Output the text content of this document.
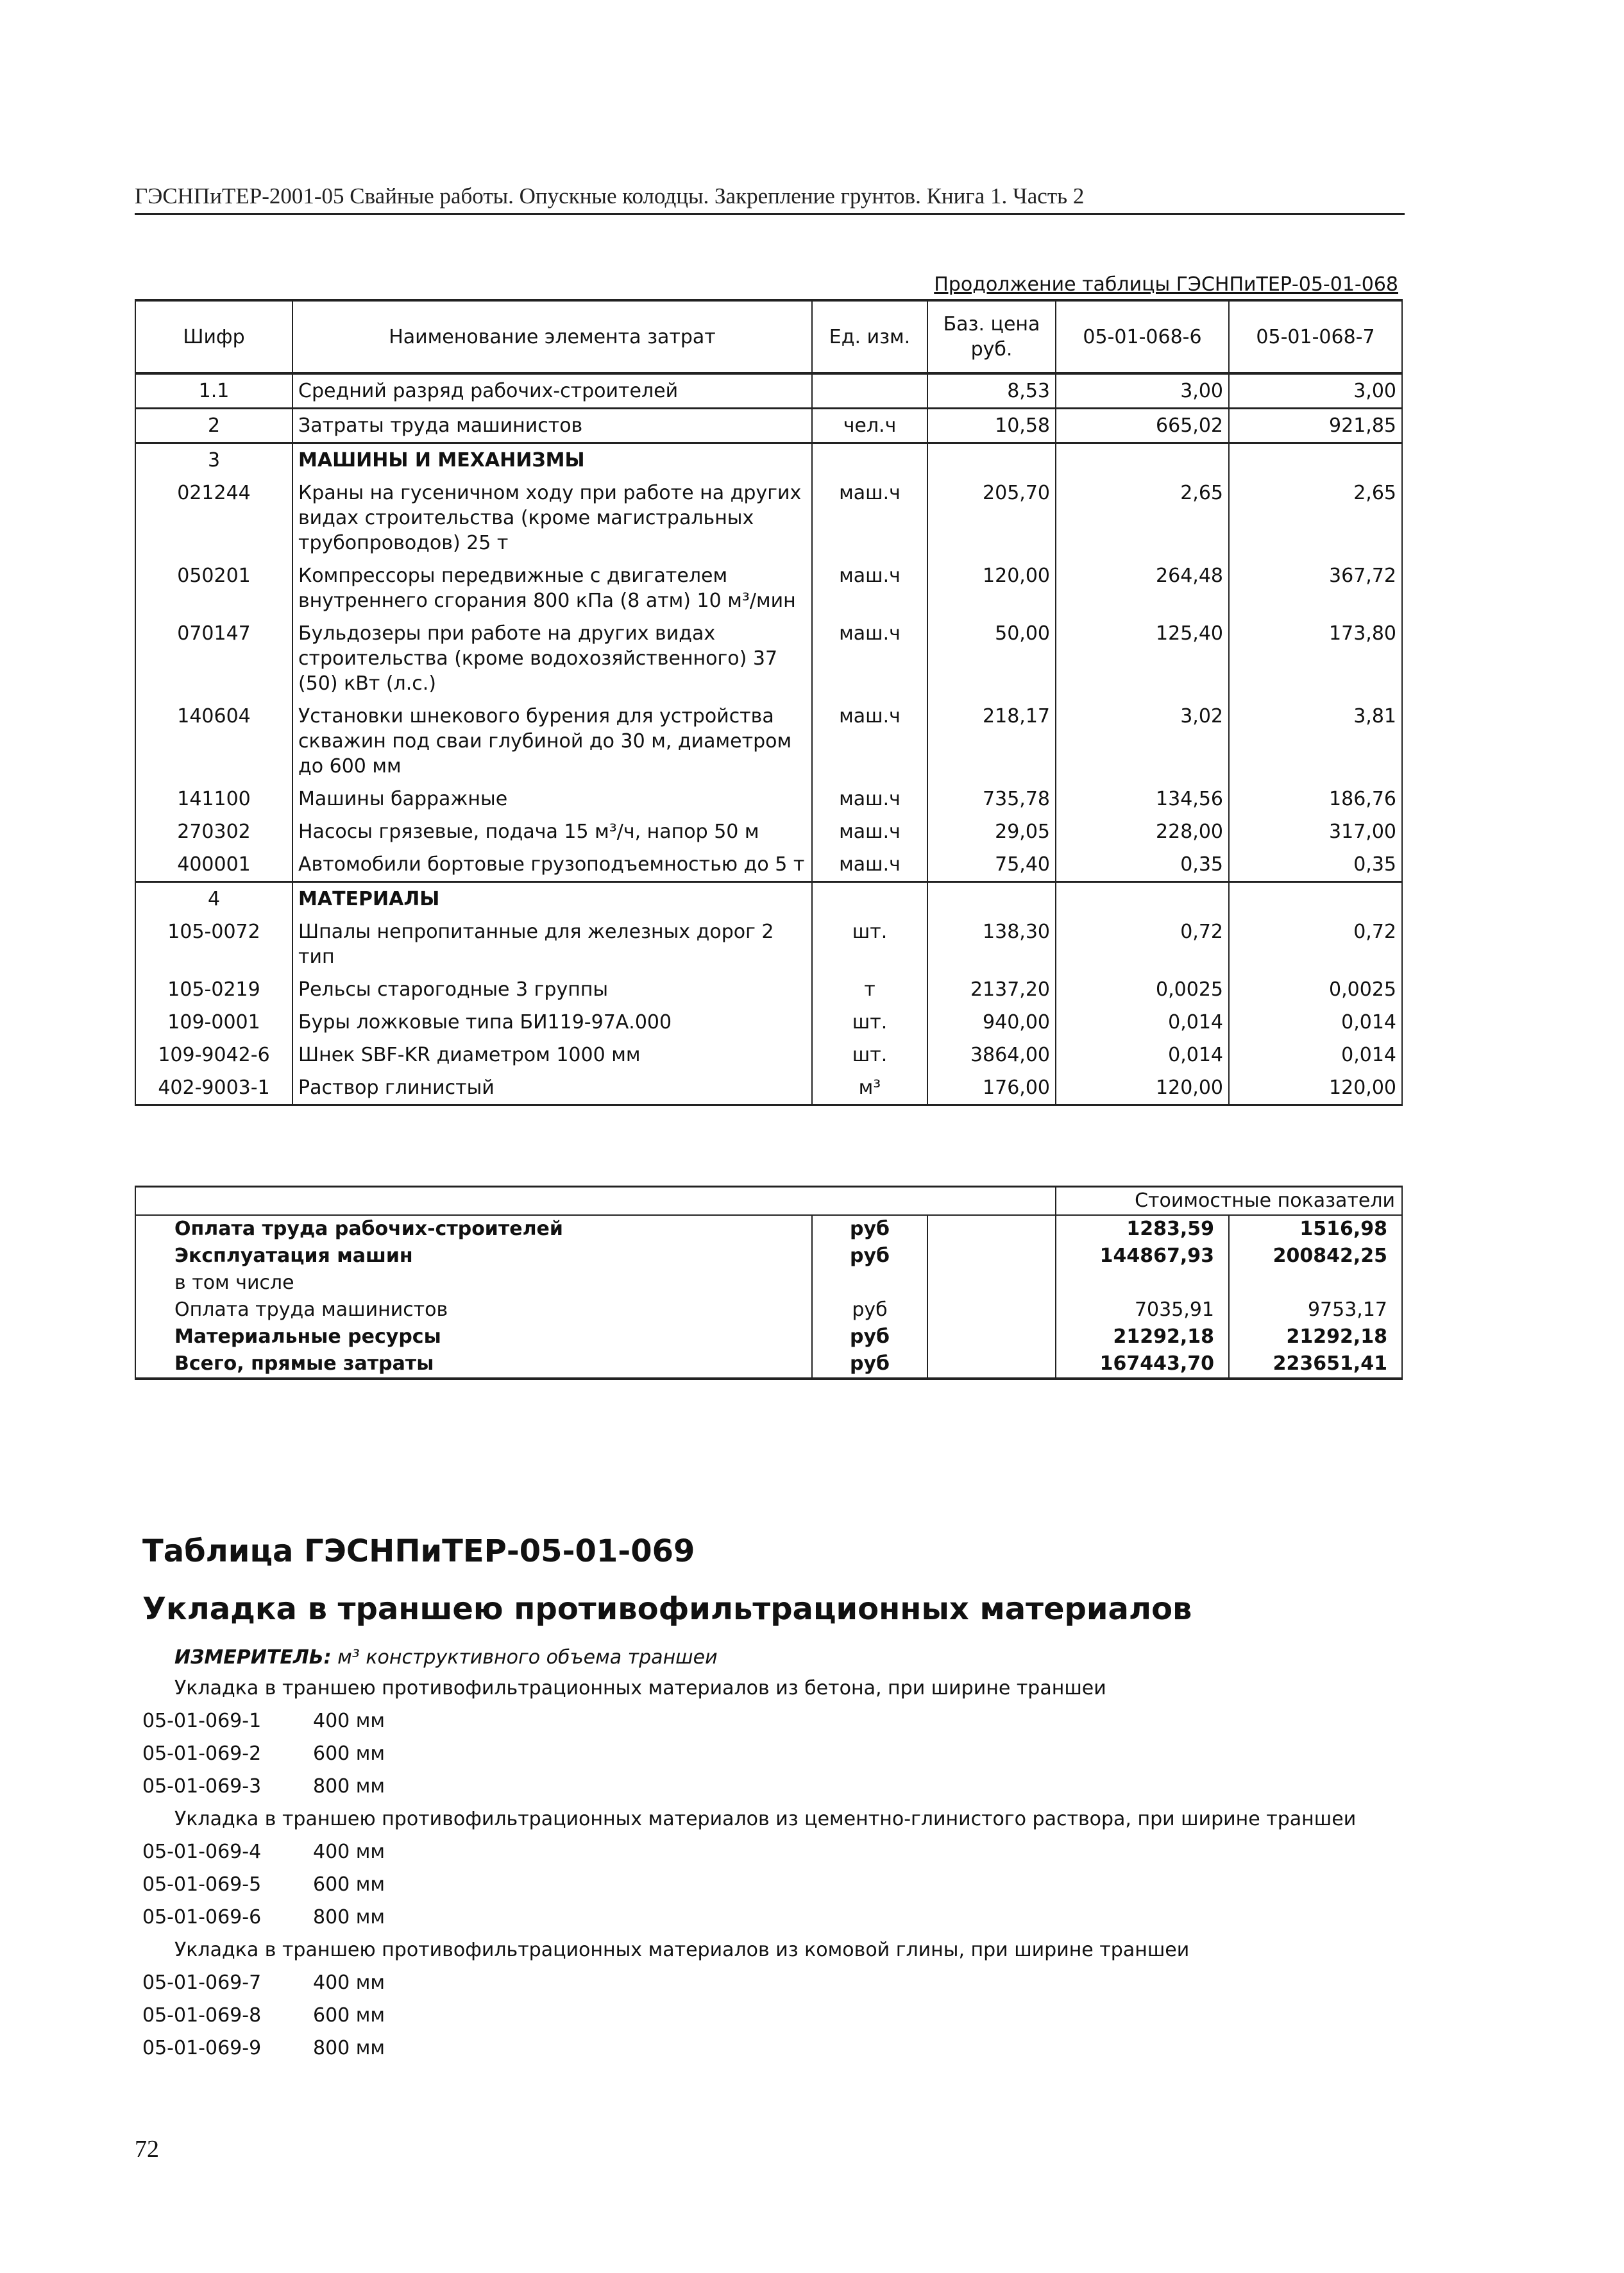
ГЭСНПиТЕР-2001-05 Свайные работы. Опускные колодцы. Закрепление грунтов. Книга 1. Часть 2
Продолжение таблицы ГЭСНПиТЕР-05-01-068
Шифр	Наименование элемента затрат	Ед. изм.	Баз. цена руб.	05-01-068-6	05-01-068-7
1.1	Средний разряд рабочих-строителей		8,53	3,00	3,00
2	Затраты труда машинистов	чел.ч	10,58	665,02	921,85
3	МАШИНЫ И МЕХАНИЗМЫ				
021244	Краны на гусеничном ходу при работе на других видах строительства (кроме магистральных трубопроводов) 25 т	маш.ч	205,70	2,65	2,65
050201	Компрессоры передвижные с двигателем внутреннего сгорания 800 кПа (8 атм) 10 м³/мин	маш.ч	120,00	264,48	367,72
070147	Бульдозеры при работе на других видах строительства (кроме водохозяйственного) 37 (50) кВт (л.с.)	маш.ч	50,00	125,40	173,80
140604	Установки шнекового бурения для устройства скважин под сваи глубиной до 30 м, диаметром до 600 мм	маш.ч	218,17	3,02	3,81
141100	Машины барражные	маш.ч	735,78	134,56	186,76
270302	Насосы грязевые, подача 15 м³/ч, напор 50 м	маш.ч	29,05	228,00	317,00
400001	Автомобили бортовые грузоподъемностью до 5 т	маш.ч	75,40	0,35	0,35
4	МАТЕРИАЛЫ				
105-0072	Шпалы непропитанные для железных дорог 2 тип	шт.	138,30	0,72	0,72
105-0219	Рельсы старогодные 3 группы	т	2137,20	0,0025	0,0025
109-0001	Буры ложковые типа БИ119-97А.000	шт.	940,00	0,014	0,014
109-9042-6	Шнек SBF-KR диаметром 1000 мм	шт.	3864,00	0,014	0,014
402-9003-1	Раствор глинистый	м³	176,00	120,00	120,00
			Стоимостные показатели	
Оплата труда рабочих-строителей	руб		1283,59	1516,98
Эксплуатация машин	руб		144867,93	200842,25
в том числе				
Оплата труда машинистов	руб		7035,91	9753,17
Материальные ресурсы	руб		21292,18	21292,18
Всего, прямые затраты	руб		167443,70	223651,41
Таблица ГЭСНПиТЕР-05-01-069
Укладка в траншею противофильтрационных материалов
ИЗМЕРИТЕЛЬ: м³ конструктивного объема траншеи
Укладка в траншею противофильтрационных материалов из бетона, при ширине траншеи
05-01-069-1	400 мм
05-01-069-2	600 мм
05-01-069-3	800 мм
Укладка в траншею противофильтрационных материалов из цементно-глинистого раствора, при ширине траншеи
05-01-069-4	400 мм
05-01-069-5	600 мм
05-01-069-6	800 мм
Укладка в траншею противофильтрационных материалов из комовой глины, при ширине траншеи
05-01-069-7	400 мм
05-01-069-8	600 мм
05-01-069-9	800 мм
72
